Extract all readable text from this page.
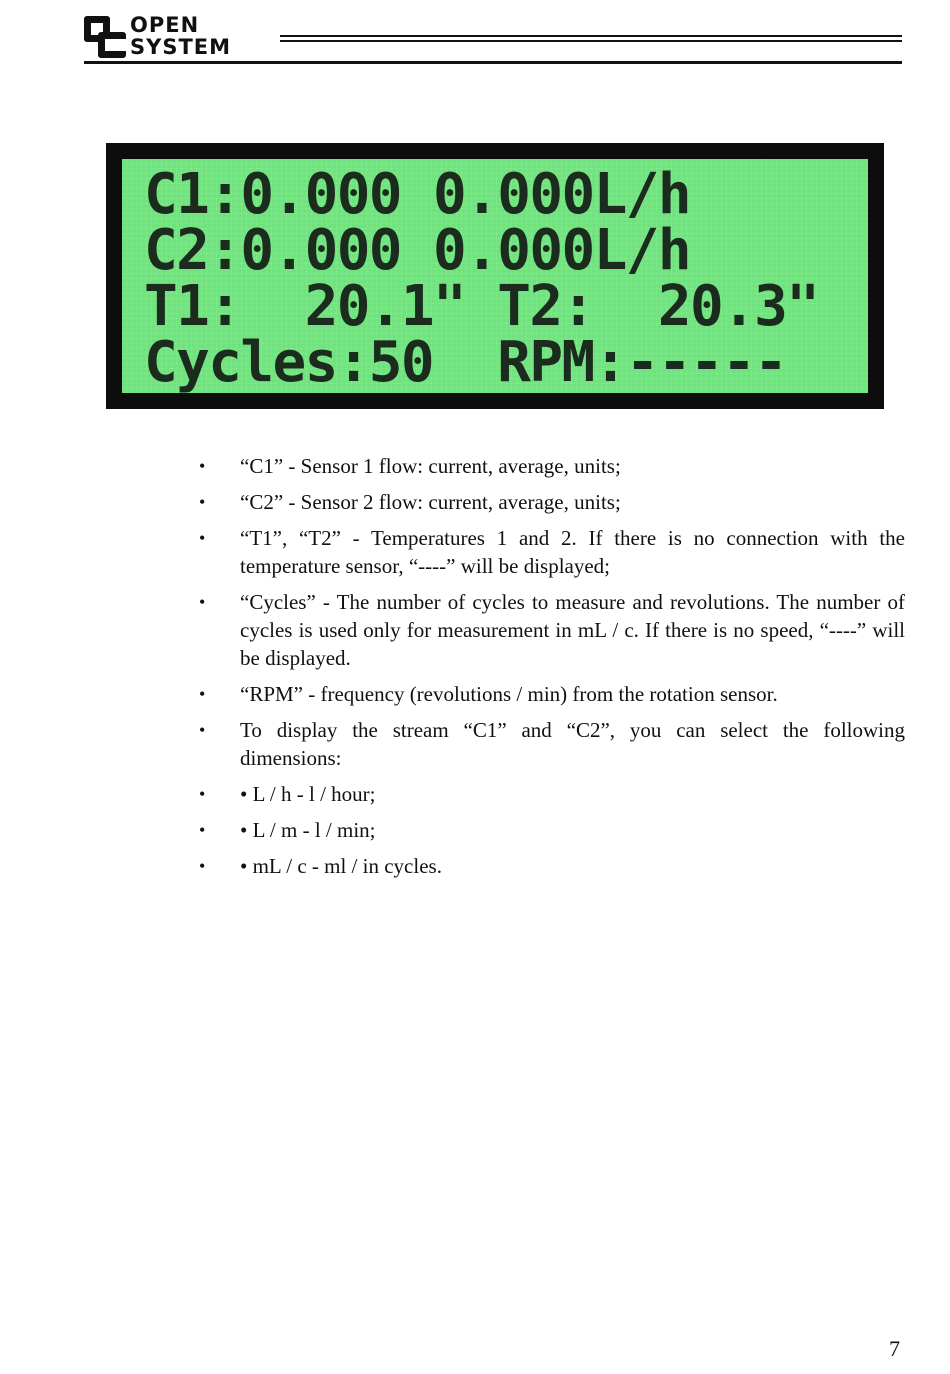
OPEN
SYSTEM
C1:0.000 0.000L/h
C2:0.000 0.000L/h
T1:  20.1" T2:  20.3"
Cycles:50  RPM:-----
• “C1” - Sensor 1 flow: current, average, units;
• “C2” - Sensor 2 flow: current, average, units;
• “T1”, “T2” - Temperatures 1 and 2. If there is no connection with the temperature sensor, “----” will be displayed;
• “Cycles” - The number of cycles to measure and revolutions. The number of cycles is used only for measurement in mL / c. If there is no speed, “----” will be displayed.
• “RPM” - frequency (revolutions / min) from the rotation sensor.
• To display the stream “C1” and “C2”, you can select the following dimensions:
• • L / h - l / hour;
• • L / m - l / min;
• • mL / c - ml / in cycles.
7
